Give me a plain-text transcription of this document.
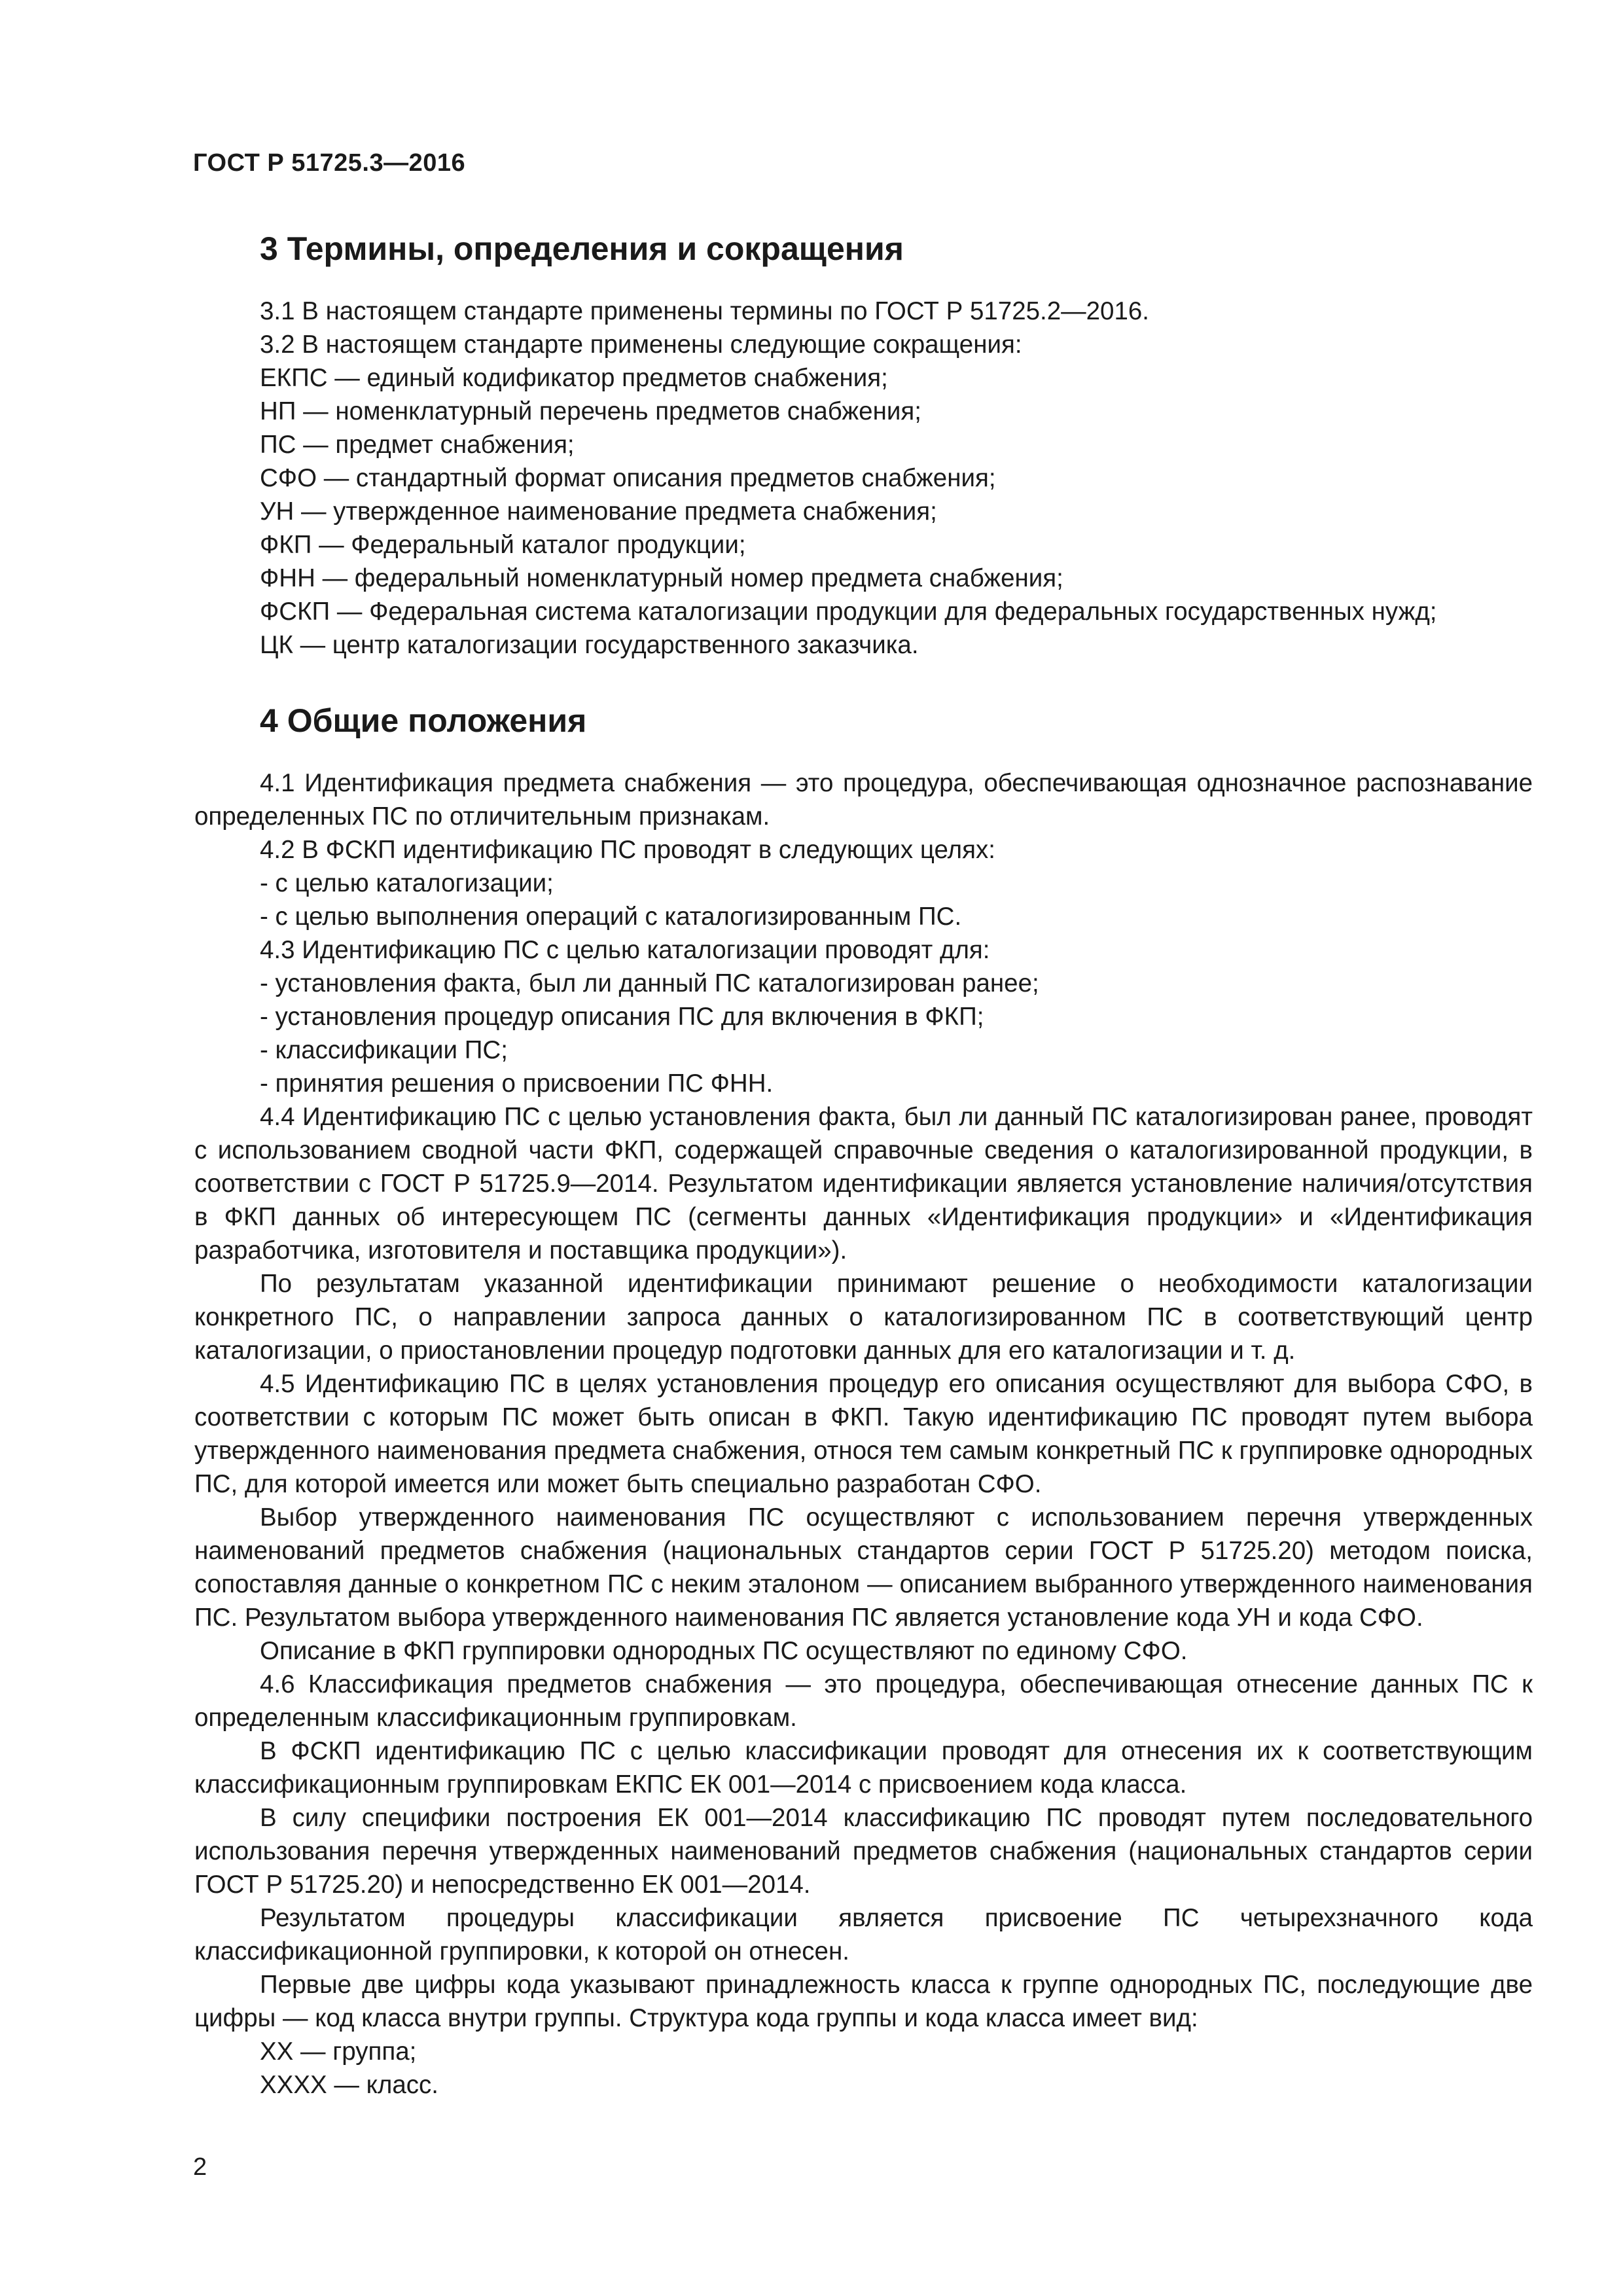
ГОСТ Р 51725.3—2016
3 Термины, определения и сокращения
3.1 В настоящем стандарте применены термины по ГОСТ Р 51725.2—2016.
3.2 В настоящем стандарте применены следующие сокращения:
ЕКПС — единый кодификатор предметов снабжения;
НП — номенклатурный перечень предметов снабжения;
ПС — предмет снабжения;
СФО — стандартный формат описания предметов снабжения;
УН — утвержденное наименование предмета снабжения;
ФКП — Федеральный каталог продукции;
ФНН — федеральный номенклатурный номер предмета снабжения;
ФСКП — Федеральная система каталогизации продукции для федеральных государственных нужд;
ЦК — центр каталогизации государственного заказчика.
4 Общие положения

4.1 Идентификация предмета снабжения — это процедура, обеспечивающая однозначное распознавание определенных ПС по отличительным признакам.

4.2 В ФСКП идентификацию ПС проводят в следующих целях:

- с целью каталогизации;

- с целью выполнения операций с каталогизированным ПС.

4.3 Идентификацию ПС с целью каталогизации проводят для:

- установления факта, был ли данный ПС каталогизирован ранее;

- установления процедур описания ПС для включения в ФКП;

- классификации ПС;

- принятия решения о присвоении ПС ФНН.

4.4 Идентификацию ПС с целью установления факта, был ли данный ПС каталогизирован ранее, проводят с использованием сводной части ФКП, содержащей справочные сведения о каталогизированной продукции, в соответствии с ГОСТ Р 51725.9—2014. Результатом идентификации является установление наличия/отсутствия в ФКП данных об интересующем ПС (сегменты данных «Идентификация продукции» и «Идентификация разработчика, изготовителя и поставщика продукции»).

По результатам указанной идентификации принимают решение о необходимости каталогизации конкретного ПС, о направлении запроса данных о каталогизированном ПС в соответствующий центр каталогизации, о приостановлении процедур подготовки данных для его каталогизации и т. д.

4.5 Идентификацию ПС в целях установления процедур его описания осуществляют для выбора СФО, в соответствии с которым ПС может быть описан в ФКП. Такую идентификацию ПС проводят путем выбора утвержденного наименования предмета снабжения, относя тем самым конкретный ПС к группировке однородных ПС, для которой имеется или может быть специально разработан СФО.

Выбор утвержденного наименования ПС осуществляют с использованием перечня утвержденных наименований предметов снабжения (национальных стандартов серии ГОСТ Р 51725.20) методом поиска, сопоставляя данные о конкретном ПС с неким эталоном — описанием выбранного утвержденного наименования ПС. Результатом выбора утвержденного наименования ПС является установление кода УН и кода СФО.

Описание в ФКП группировки однородных ПС осуществляют по единому СФО.

4.6 Классификация предметов снабжения — это процедура, обеспечивающая отнесение данных ПС к определенным классификационным группировкам.

В ФСКП идентификацию ПС с целью классификации проводят для отнесения их к соответствующим классификационным группировкам ЕКПС ЕК 001—2014 с присвоением кода класса.

В силу специфики построения ЕК 001—2014 классификацию ПС проводят путем последовательного использования перечня утвержденных наименований предметов снабжения (национальных стандартов серии ГОСТ Р 51725.20) и непосредственно ЕК 001—2014.

Результатом процедуры классификации является присвоение ПС четырехзначного кода классификационной группировки, к которой он отнесен.

Первые две цифры кода указывают принадлежность класса к группе однородных ПС, последующие две цифры — код класса внутри группы. Структура кода группы и кода класса имеет вид:

XX — группа;

XXXX — класс.

2
